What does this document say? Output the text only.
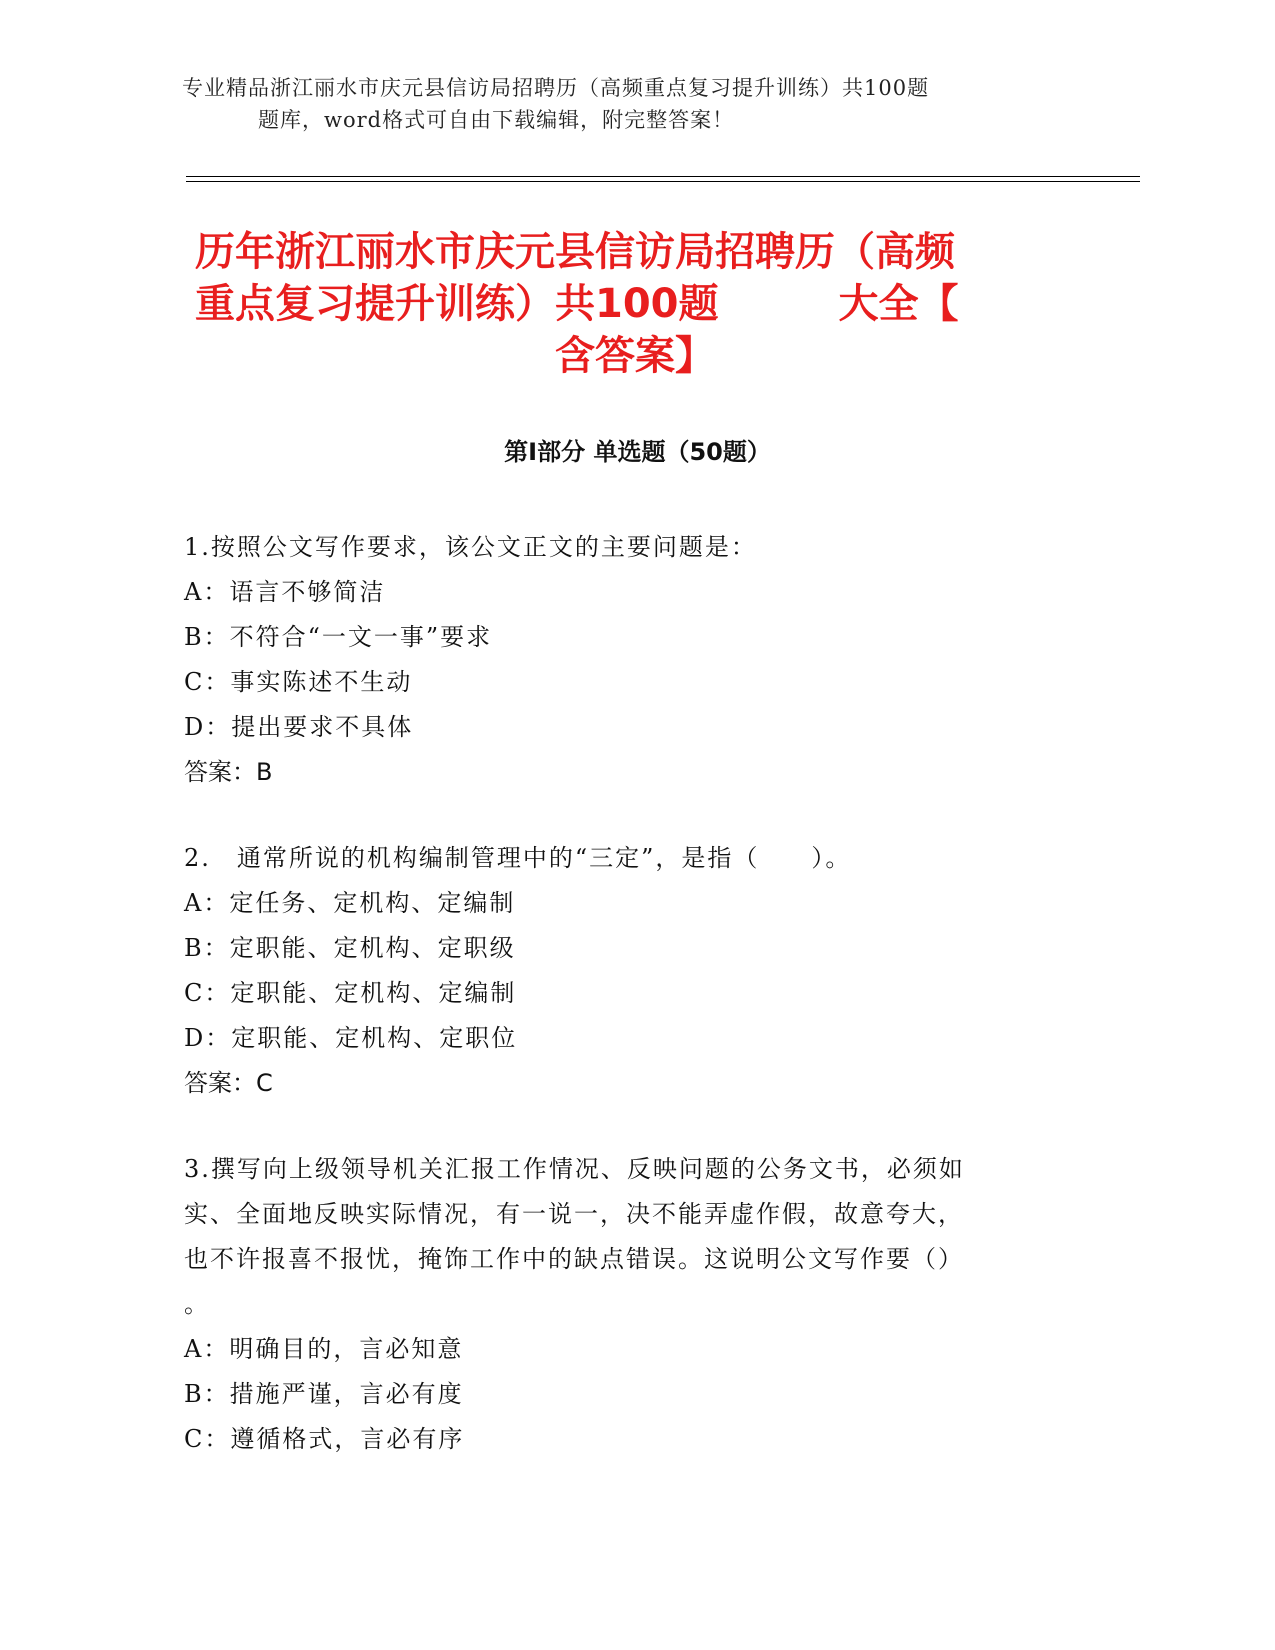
专业精品浙江丽水市庆元县信访局招聘历（高频重点复习提升训练）共100题
题库，word格式可自由下载编辑，附完整答案！
历年浙江丽水市庆元县信访局招聘历（高频
重点复习提升训练）共100题	大全【
含答案】
第Ⅰ部分 单选题（50题）
1.按照公文写作要求，该公文正文的主要问题是：
A：语言不够简洁
B：不符合“一文一事”要求
C：事实陈述不生动
D：提出要求不具体
答案：B
2.　通常所说的机构编制管理中的“三定”，是指（　　）。
A：定任务、定机构、定编制
B：定职能、定机构、定职级
C：定职能、定机构、定编制
D：定职能、定机构、定职位
答案：C
3.撰写向上级领导机关汇报工作情况、反映问题的公务文书，必须如
实、全面地反映实际情况，有一说一，决不能弄虚作假，故意夸大，
也不许报喜不报忧，掩饰工作中的缺点错误。这说明公文写作要（）
。
A：明确目的，言必知意
B：措施严谨，言必有度
C：遵循格式，言必有序
